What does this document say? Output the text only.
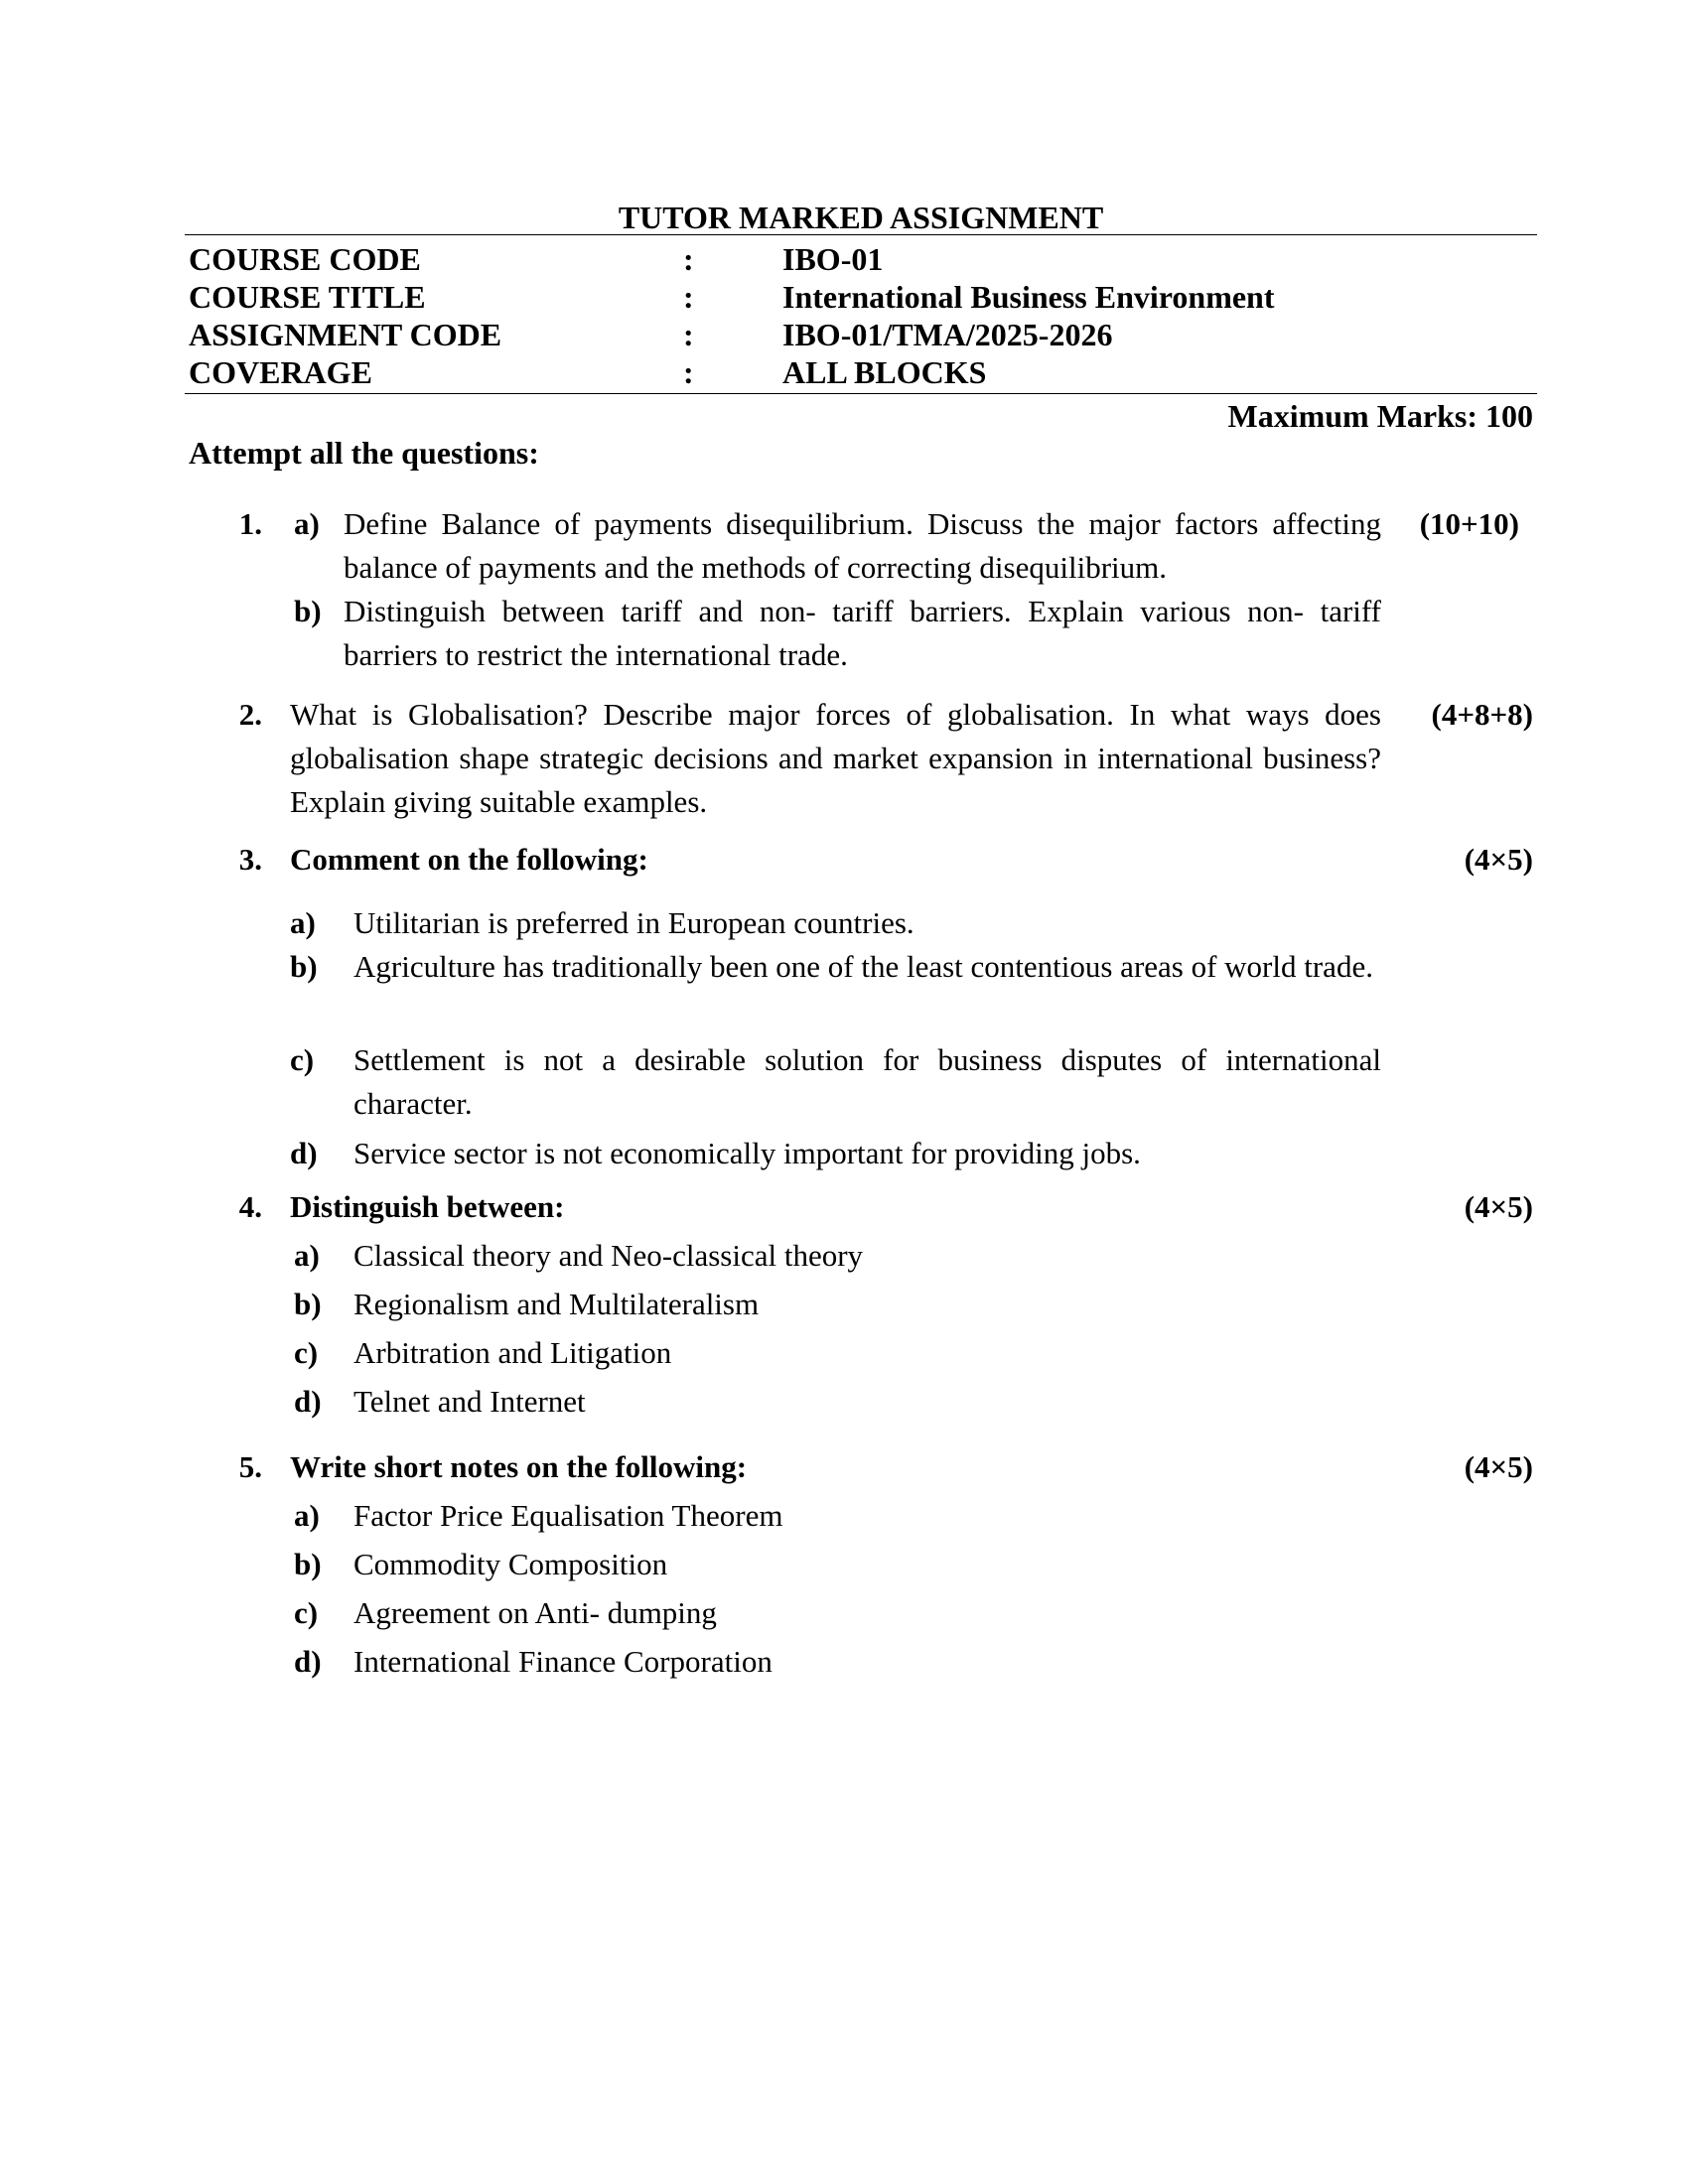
TUTOR MARKED ASSIGNMENT
COURSE CODE	:	IBO-01
COURSE TITLE	:	International Business Environment
ASSIGNMENT CODE	:	IBO-01/TMA/2025-2026
COVERAGE	:	ALL BLOCKS
Maximum Marks: 100
Attempt all the questions:
1.	(10+10)
a) Define Balance of payments disequilibrium. Discuss the major factors affecting balance of payments and the methods of correcting disequilibrium.
b) Distinguish between tariff and non- tariff barriers. Explain various non- tariff barriers to restrict the international trade.
2.	(4+8+8)
What is Globalisation? Describe major forces of globalisation. In what ways does globalisation shape strategic decisions and market expansion in international business? Explain giving suitable examples.
3. Comment on the following:	(4×5)
a) Utilitarian is preferred in European countries.
b) Agriculture has traditionally been one of the least contentious areas of world trade.
c) Settlement is not a desirable solution for business disputes of international character.
d) Service sector is not economically important for providing jobs.
4. Distinguish between:	(4×5)
a) Classical theory and Neo-classical theory
b) Regionalism and Multilateralism
c) Arbitration and Litigation
d) Telnet and Internet
5. Write short notes on the following:	(4×5)
a) Factor Price Equalisation Theorem
b) Commodity Composition
c) Agreement on Anti- dumping
d) International Finance Corporation
